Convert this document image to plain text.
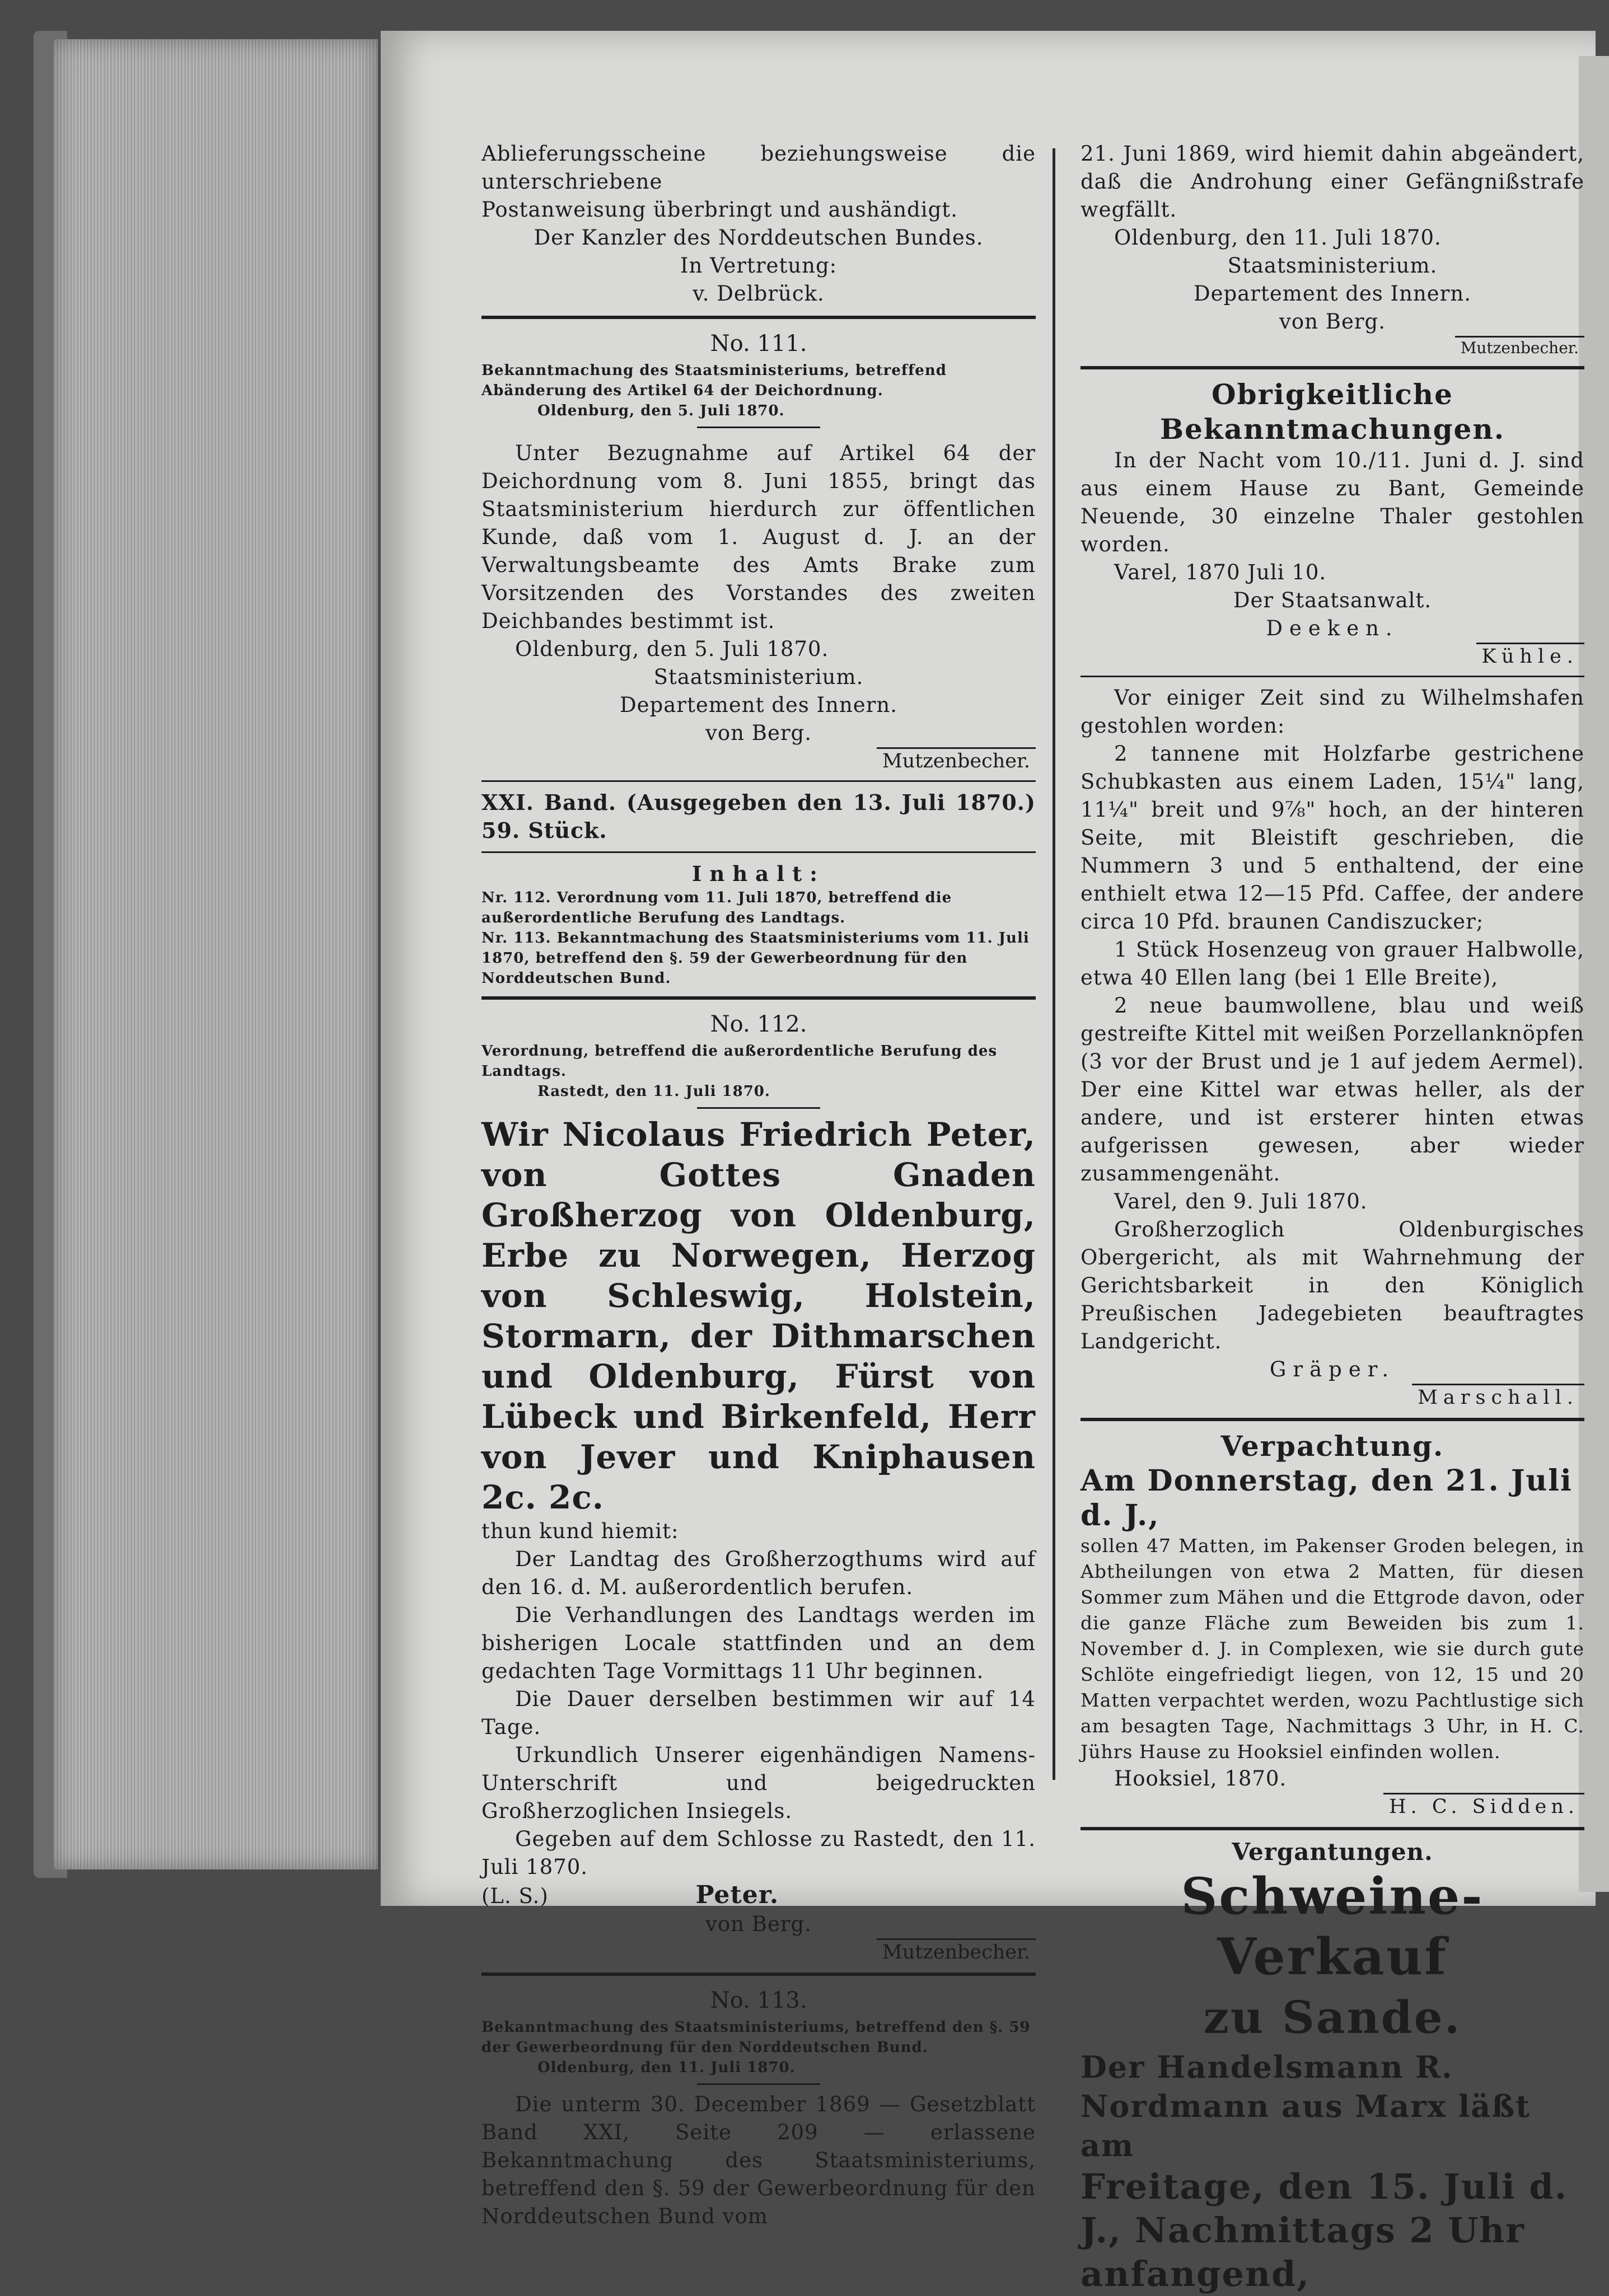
Ablieferungsscheine beziehungsweise die unterschriebene

Postanweisung überbringt und aushändigt.

Der Kanzler des Norddeutschen Bundes.

In Vertretung:

v. Delbrück.

No. 111.

Bekanntmachung des Staatsministeriums, betreffend Abänderung des Artikel 64 der Deichordnung.

Oldenburg, den 5. Juli 1870.

Unter Bezugnahme auf Artikel 64 der Deichordnung vom 8. Juni 1855, bringt das Staatsministerium hierdurch zur öffentlichen Kunde, daß vom 1. August d. J. an der Verwaltungsbeamte des Amts Brake zum Vorsitzenden des Vorstandes des zweiten Deichbandes bestimmt ist.

Oldenburg, den 5. Juli 1870.

Staatsministerium.

Departement des Innern.

von Berg.

Mutzenbecher.

XXI. Band. (Ausgegeben den 13. Juli 1870.) 59. Stück.

Inhalt:

Nr. 112. Verordnung vom 11. Juli 1870, betreffend die außerordentliche Berufung des Landtags.

Nr. 113. Bekanntmachung des Staatsministeriums vom 11. Juli 1870, betreffend den §. 59 der Gewerbeordnung für den Norddeutschen Bund.

No. 112.

Verordnung, betreffend die außerordentliche Berufung des Landtags.

Rastedt, den 11. Juli 1870.

Wir Nicolaus Friedrich Peter, von Gottes Gnaden Großherzog von Oldenburg, Erbe zu Norwegen, Herzog von Schleswig, Holstein, Stormarn, der Dithmarschen und Oldenburg, Fürst von Lübeck und Birkenfeld, Herr von Jever und Kniphausen 2c. 2c.

thun kund hiemit:

Der Landtag des Großherzogthums wird auf den 16. d. M. außerordentlich berufen.

Die Verhandlungen des Landtags werden im bisherigen Locale stattfinden und an dem gedachten Tage Vormittags 11 Uhr beginnen.

Die Dauer derselben bestimmen wir auf 14 Tage.

Urkundlich Unserer eigenhändigen Namens-Unterschrift und beigedruckten Großherzoglichen Insiegels.

Gegeben auf dem Schlosse zu Rastedt, den 11. Juli 1870.

(L. S.)	Peter.

von Berg.

Mutzenbecher.

No. 113.

Bekanntmachung des Staatsministeriums, betreffend den §. 59 der Gewerbeordnung für den Norddeutschen Bund.

Oldenburg, den 11. Juli 1870.

Die unterm 30. December 1869 — Gesetzblatt Band XXI, Seite 209 — erlassene Bekanntmachung des Staatsministeriums, betreffend den §. 59 der Gewerbeordnung für den Norddeutschen Bund vom

21. Juni 1869, wird hiemit dahin abgeändert, daß die Androhung einer Gefängnißstrafe wegfällt.

Oldenburg, den 11. Juli 1870.

Staatsministerium.

Departement des Innern.

von Berg.

Mutzenbecher.

Obrigkeitliche Bekanntmachungen.

In der Nacht vom 10./11. Juni d. J. sind aus einem Hause zu Bant, Gemeinde Neuende, 30 einzelne Thaler gestohlen worden.

Varel, 1870 Juli 10.

Der Staatsanwalt.

Deeken.

Kühle.

Vor einiger Zeit sind zu Wilhelmshafen gestohlen worden:

2 tannene mit Holzfarbe gestrichene Schubkasten aus einem Laden, 15¼" lang, 11¼" breit und 9⅞" hoch, an der hinteren Seite, mit Bleistift geschrieben, die Nummern 3 und 5 enthaltend, der eine enthielt etwa 12—15 Pfd. Caffee, der andere circa 10 Pfd. braunen Candiszucker;

1 Stück Hosenzeug von grauer Halbwolle, etwa 40 Ellen lang (bei 1 Elle Breite),

2 neue baumwollene, blau und weiß gestreifte Kittel mit weißen Porzellanknöpfen (3 vor der Brust und je 1 auf jedem Aermel). Der eine Kittel war etwas heller, als der andere, und ist ersterer hinten etwas aufgerissen gewesen, aber wieder zusammengenäht.

Varel, den 9. Juli 1870.

Großherzoglich Oldenburgisches Obergericht, als mit Wahrnehmung der Gerichtsbarkeit in den Königlich Preußischen Jadegebieten beauftragtes Landgericht.

Gräper.

Marschall.

Verpachtung.

Am Donnerstag, den 21. Juli d. J.,

sollen 47 Matten, im Pakenser Groden belegen, in Abtheilungen von etwa 2 Matten, für diesen Sommer zum Mähen und die Ettgrode davon, oder die ganze Fläche zum Beweiden bis zum 1. November d. J. in Complexen, wie sie durch gute Schlöte eingefriedigt liegen, von 12, 15 und 20 Matten verpachtet werden, wozu Pachtlustige sich am besagten Tage, Nachmittags 3 Uhr, in H. C. Jührs Hause zu Hooksiel einfinden wollen.

Hooksiel, 1870.

H. C. Sidden.

Vergantungen.

Schweine-Verkauf

zu Sande.

Der Handelsmann R. Nordmann aus Marx läßt am

Freitage, den 15. Juli d. J., Nachmittags 2 Uhr anfangend,
